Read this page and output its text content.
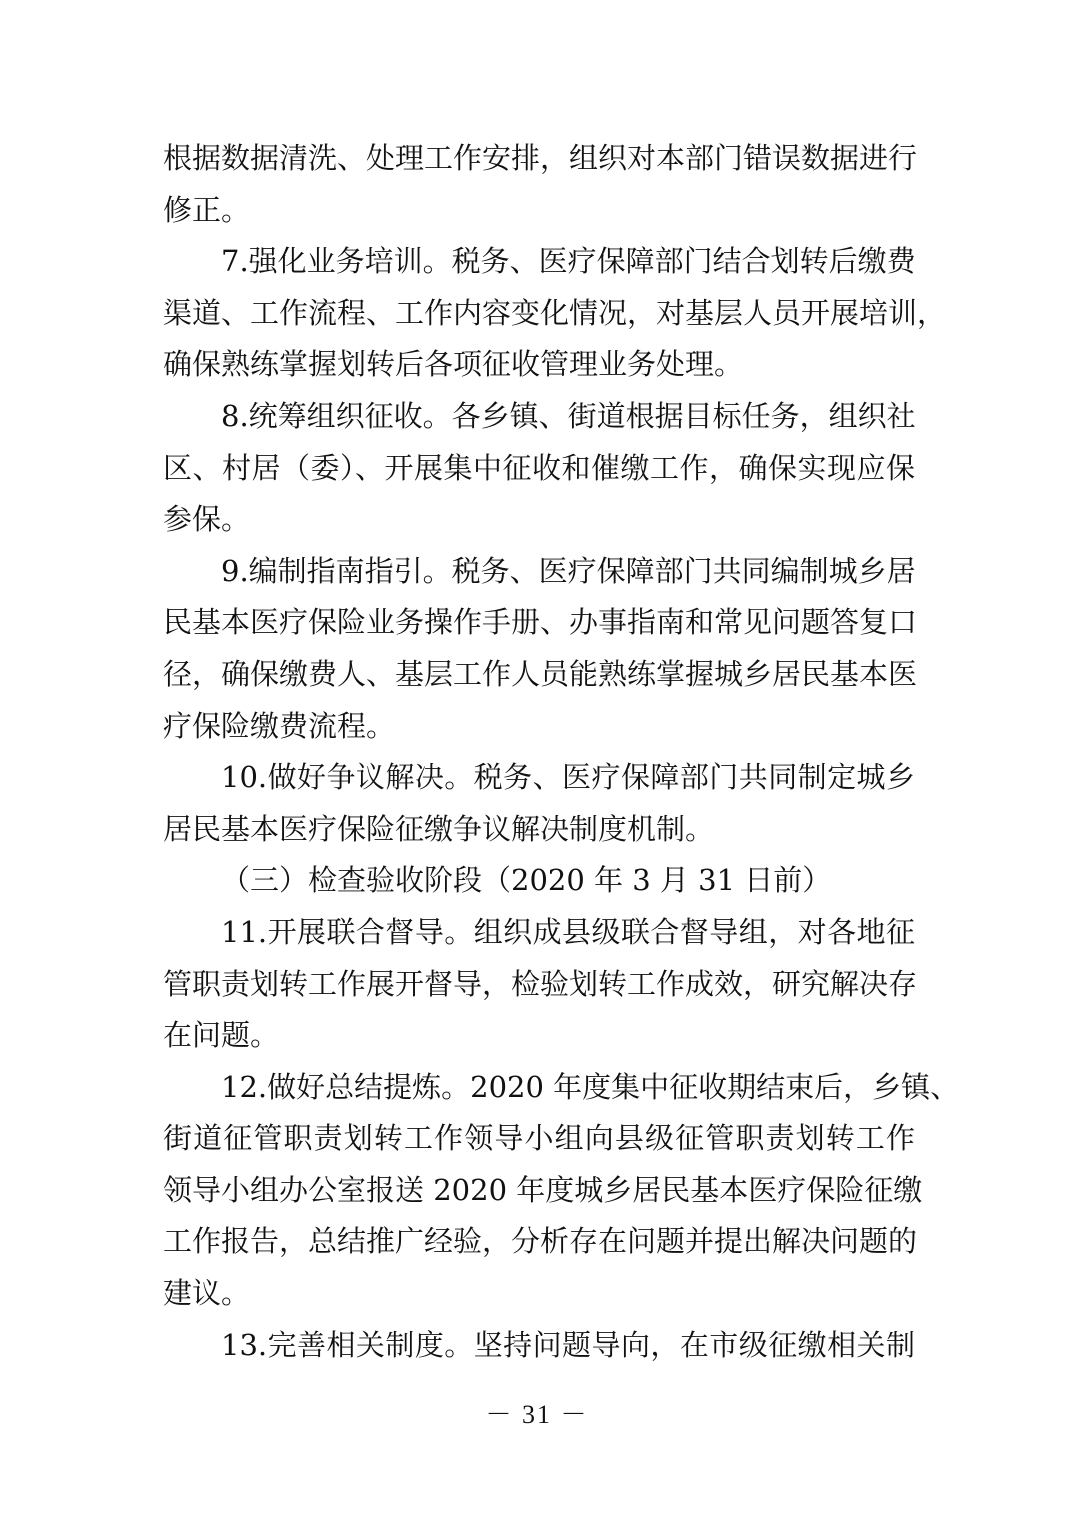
根据数据清洗、处理工作安排，组织对本部门错误数据进行
修正。
7.强化业务培训。税务、医疗保障部门结合划转后缴费
渠道、工作流程、工作内容变化情况，对基层人员开展培训，
确保熟练掌握划转后各项征收管理业务处理。
8.统筹组织征收。各乡镇、街道根据目标任务，组织社
区、村居（委）、开展集中征收和催缴工作，确保实现应保
参保。
9.编制指南指引。税务、医疗保障部门共同编制城乡居
民基本医疗保险业务操作手册、办事指南和常见问题答复口
径，确保缴费人、基层工作人员能熟练掌握城乡居民基本医
疗保险缴费流程。
10.做好争议解决。税务、医疗保障部门共同制定城乡
居民基本医疗保险征缴争议解决制度机制。
（三）检查验收阶段（2020 年 3 月 31 日前）
11.开展联合督导。组织成县级联合督导组，对各地征
管职责划转工作展开督导，检验划转工作成效，研究解决存
在问题。
12.做好总结提炼。2020 年度集中征收期结束后，乡镇、
街道征管职责划转工作领导小组向县级征管职责划转工作
领导小组办公室报送 2020 年度城乡居民基本医疗保险征缴
工作报告，总结推广经验，分析存在问题并提出解决问题的
建议。
13.完善相关制度。坚持问题导向，在市级征缴相关制
－ 31 －
